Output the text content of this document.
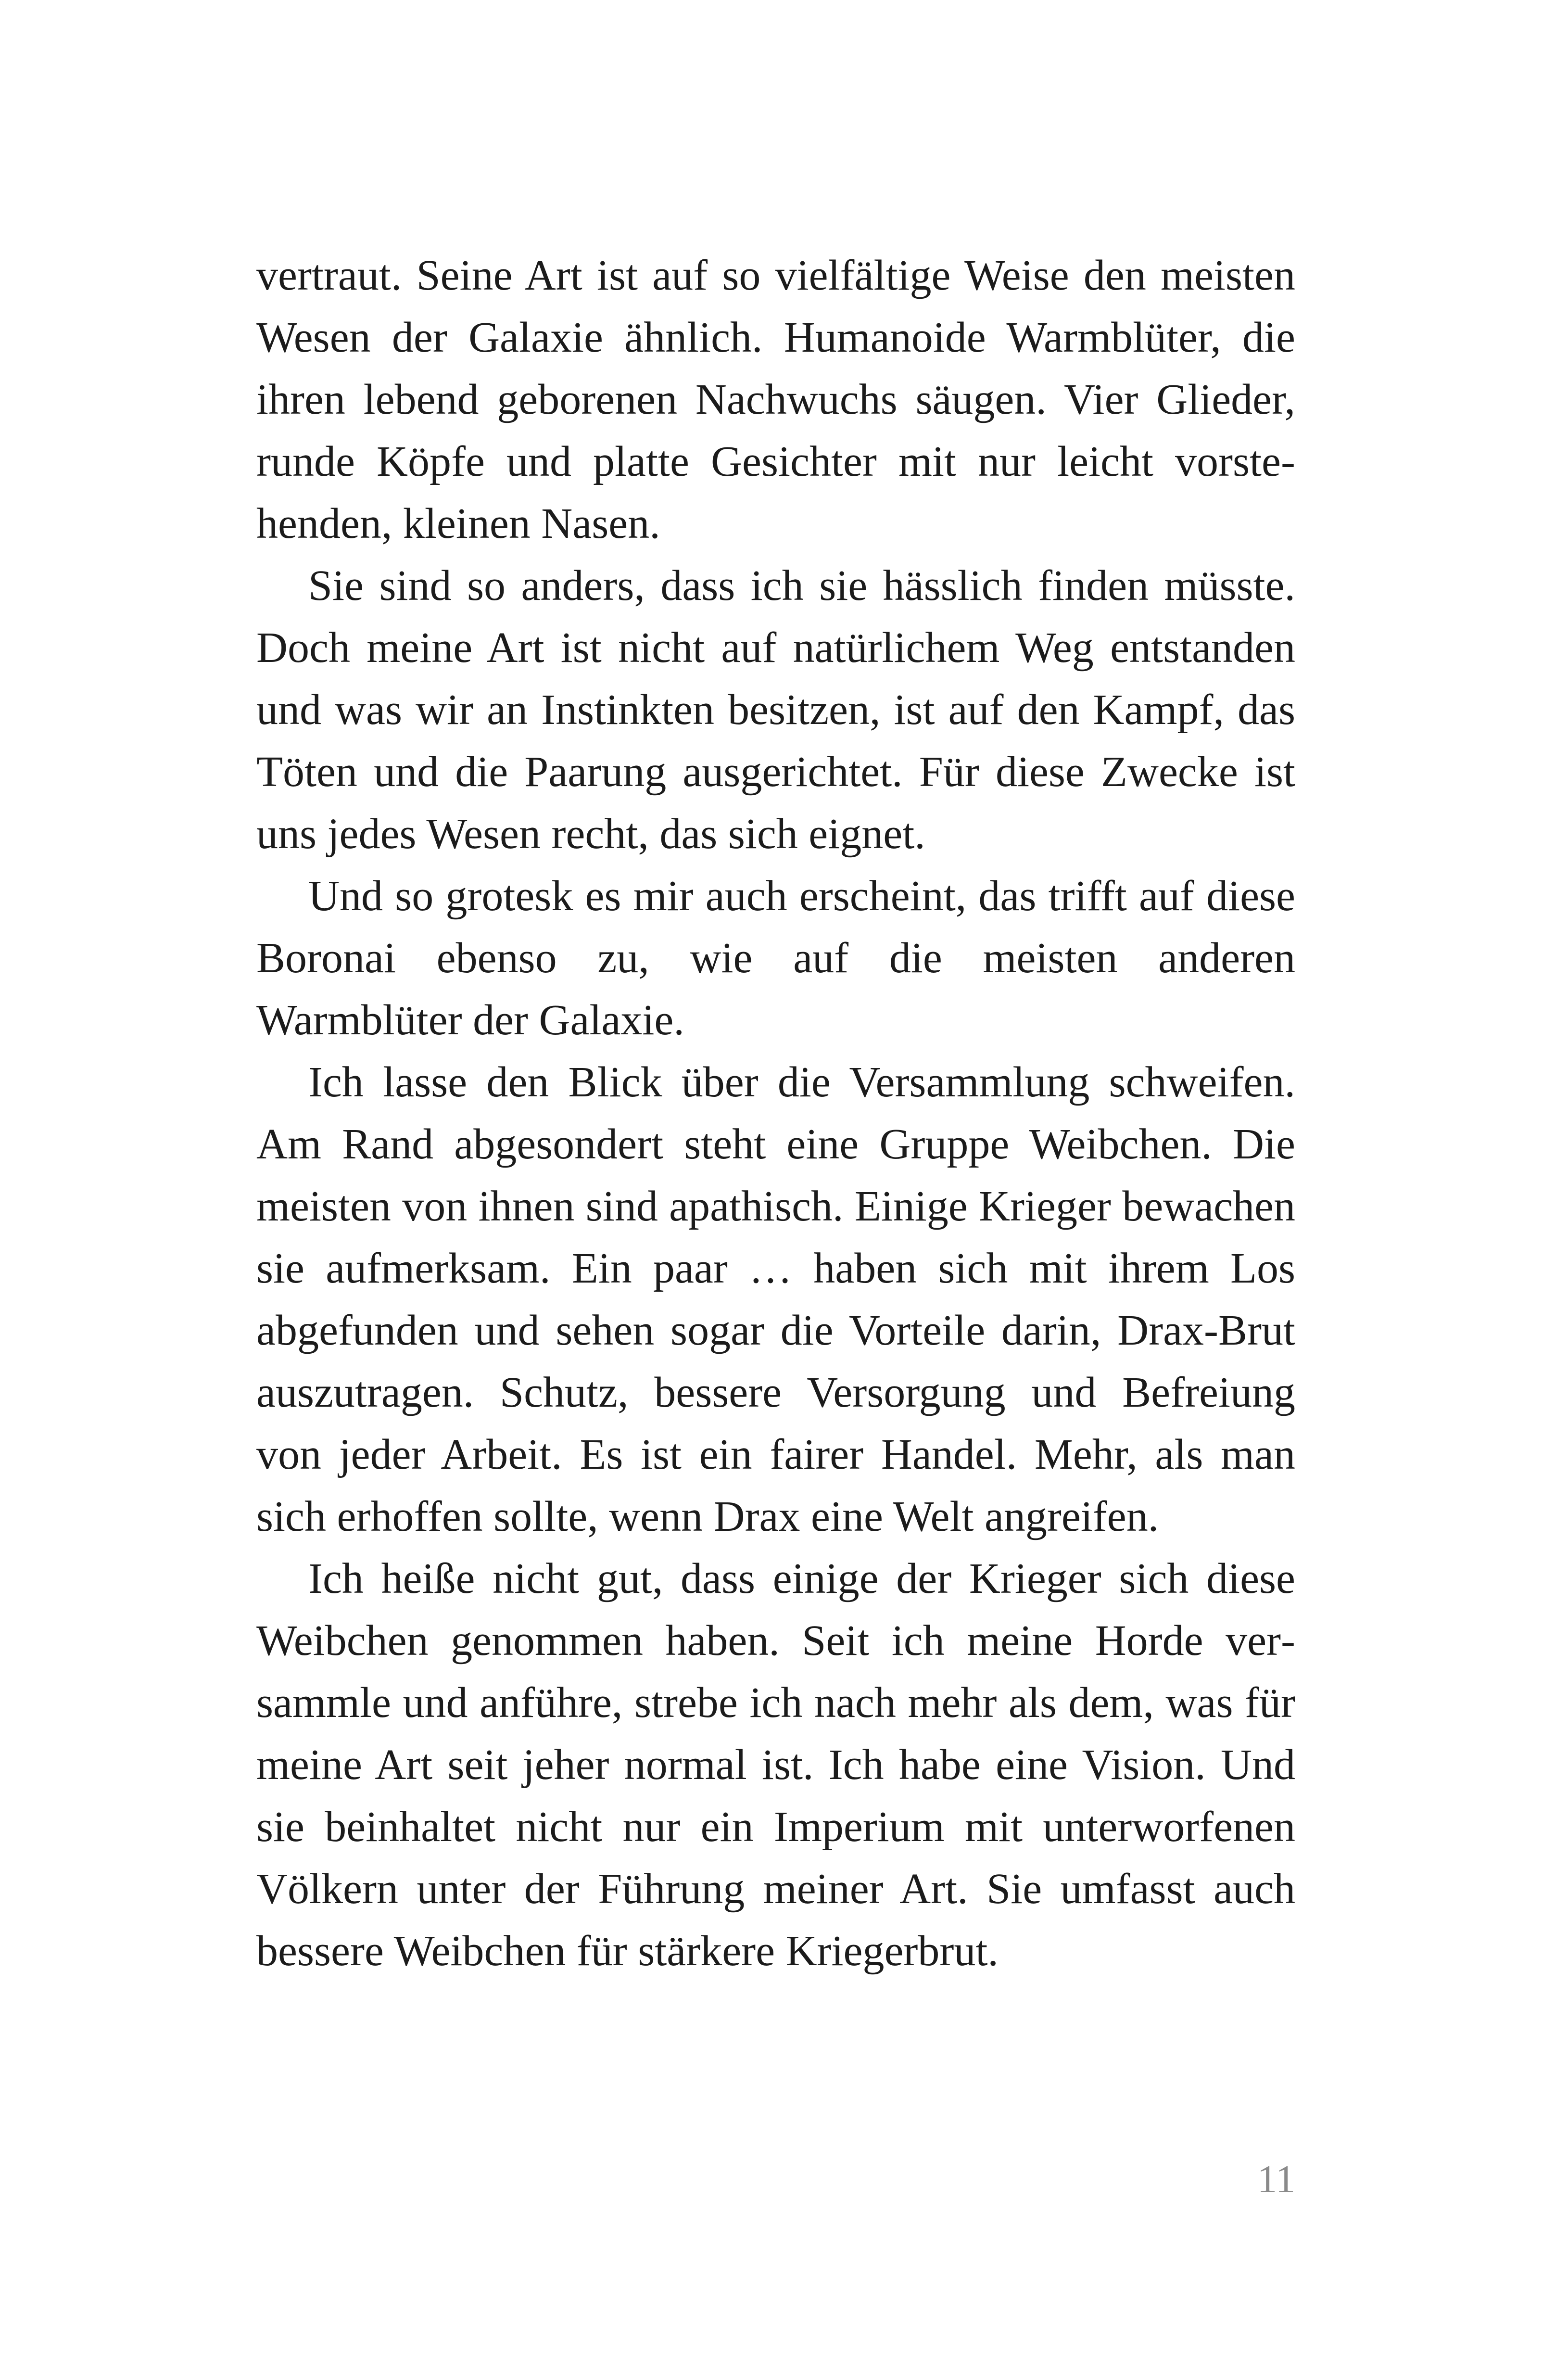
vertraut. Seine Art ist auf so vielfältige Weise den meisten Wesen der Galaxie ähnlich. Humanoide Warmblüter, die ihren lebend geborenen Nachwuchs säugen. Vier Glieder, runde Köpfe und platte Gesichter mit nur leicht vorstehenden, kleinen Nasen.

Sie sind so anders, dass ich sie hässlich finden müsste. Doch meine Art ist nicht auf natürlichem Weg entstanden und was wir an Instinkten besitzen, ist auf den Kampf, das Töten und die Paarung ausgerichtet. Für diese Zwecke ist uns jedes Wesen recht, das sich eignet.

Und so grotesk es mir auch erscheint, das trifft auf diese Boronai ebenso zu, wie auf die meisten anderen Warmblüter der Galaxie.

Ich lasse den Blick über die Versammlung schweifen. Am Rand abgesondert steht eine Gruppe Weibchen. Die meisten von ihnen sind apathisch. Einige Krieger bewachen sie aufmerksam. Ein paar … haben sich mit ihrem Los abgefunden und sehen sogar die Vorteile darin, Drax-Brut auszutragen. Schutz, bessere Versorgung und Befreiung von jeder Arbeit. Es ist ein fairer Handel. Mehr, als man sich erhoffen sollte, wenn Drax eine Welt angreifen.

Ich heiße nicht gut, dass einige der Krieger sich diese Weibchen genommen haben. Seit ich meine Horde versammle und anführe, strebe ich nach mehr als dem, was für meine Art seit jeher normal ist. Ich habe eine Vision. Und sie beinhaltet nicht nur ein Imperium mit unterworfenen Völkern unter der Führung meiner Art. Sie umfasst auch bessere Weibchen für stärkere Kriegerbrut.

11
